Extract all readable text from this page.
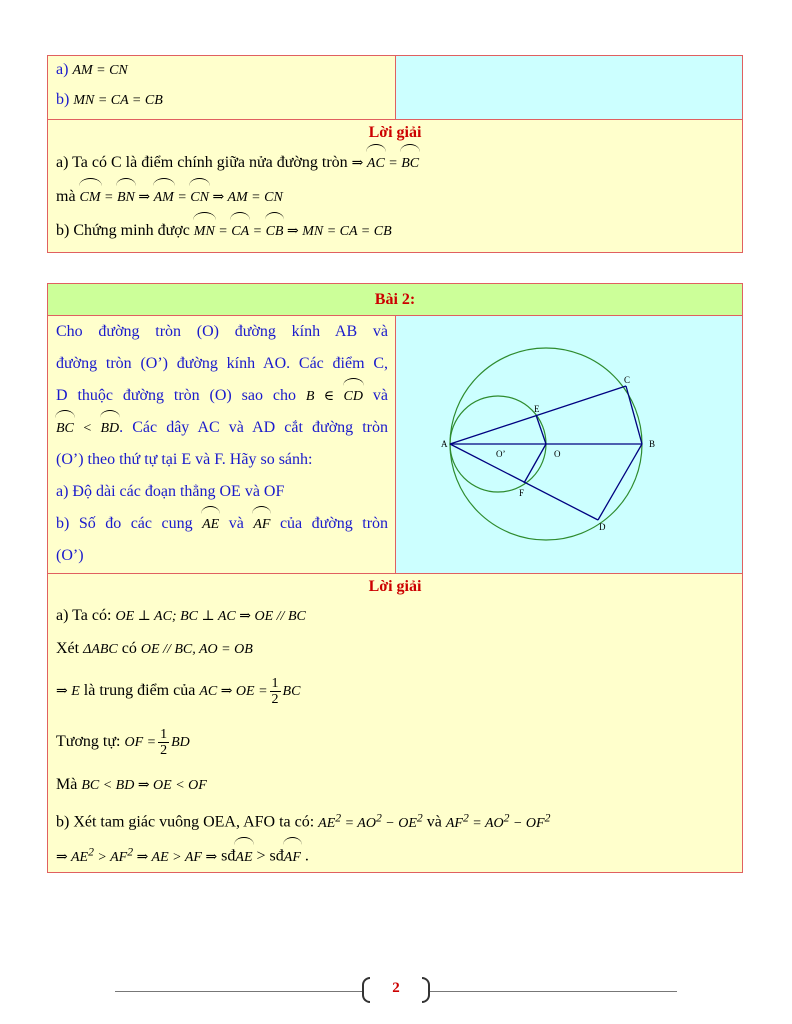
a) AM = CN
b) MN = CA = CB
Lời giải
a) Ta có C là điểm chính giữa nửa đường tròn ⇒ AC = BC
mà CM = BN ⇒ AM = CN ⇒ AM = CN
b) Chứng minh được MN = CA = CB ⇒ MN = CA = CB
Bài 2:
Cho đường tròn (O) đường kính AB và
đường tròn (O’) đường kính AO. Các điểm C,
D thuộc đường tròn (O) sao cho B ∈ CD và
BC < BD. Các dây AC và AD cắt đường tròn
(O’) theo thứ tự tại E và F. Hãy so sánh:
a) Độ dài các đoạn thẳng OE và OF
b) Số đo các cung AE và AF của đường tròn
(O’)
A	B
C
D
E
F
O
O’
Lời giải
a) Ta có: OE ⊥ AC; BC ⊥ AC ⇒ OE // BC
Xét ΔABC có OE // BC, AO = OB
⇒ E là trung điểm của AC ⇒ OE = $\frac{1}{2}$ BC
Tương tự: OF = $\frac{1}{2}$ BD
Mà BC < BD ⇒ OE < OF
b) Xét tam giác vuông OEA, AFO ta có: $AE^2 = AO^2 - OE^2$ và $AF^2 = AO^2 - OF^2$
⇒ $AE^2 > AF^2$ ⇒ AE > AF ⇒ sđAE > sđAF .
2
